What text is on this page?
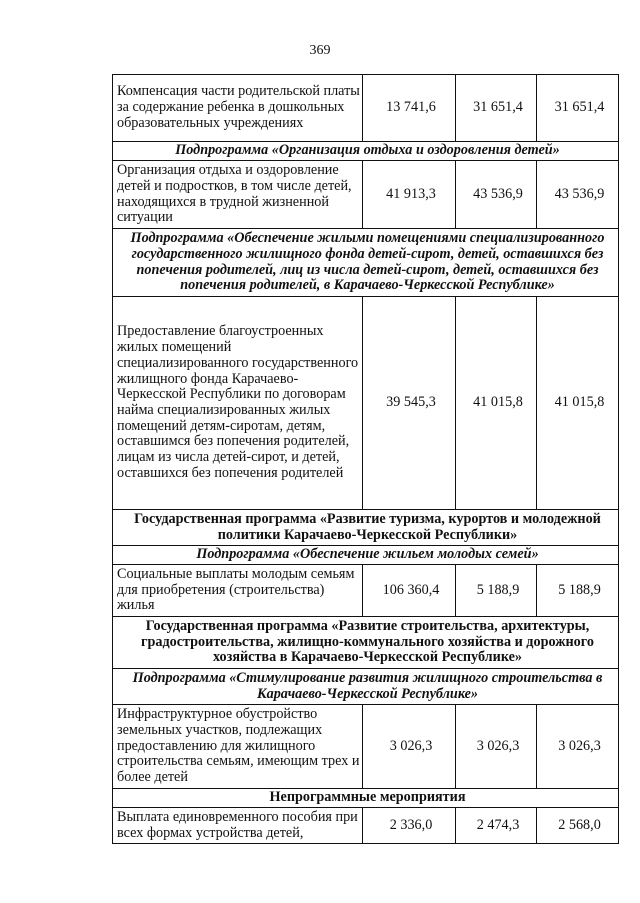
369
Компенсация части родительской платы за содержание ребенка в дошкольных образовательных учреждениях	13 741,6	31 651,4	31 651,4
Подпрограмма «Организация отдыха и оздоровления детей»			
Организация отдыха и оздоровление детей и подростков, в том числе детей, находящихся в трудной жизненной ситуации	41 913,3	43 536,9	43 536,9
Подпрограмма «Обеспечение жилыми помещениями специализированного государственного жилищного фонда детей-сирот, детей, оставшихся без попечения родителей, лиц из числа детей-сирот, детей, оставшихся без попечения родителей, в Карачаево-Черкесской Республике»			
Предоставление благоустроенных жилых помещений специализированного государственного жилищного фонда Карачаево-Черкесской Республики по договорам найма специализированных жилых помещений детям-сиротам, детям, оставшимся без попечения родителей, лицам из числа детей-сирот, и детей, оставшихся без попечения родителей	39 545,3	41 015,8	41 015,8
Государственная программа «Развитие туризма, курортов и молодежной политики Карачаево-Черкесской Республики»			
Подпрограмма «Обеспечение жильем молодых семей»			
Социальные выплаты молодым семьям для приобретения (строительства) жилья	106 360,4	5 188,9	5 188,9
Государственная программа «Развитие строительства, архитектуры, градостроительства, жилищно-коммунального хозяйства и дорожного хозяйства в Карачаево-Черкесской Республике»			
Подпрограмма «Стимулирование развития жилищного строительства в Карачаево-Черкесской Республике»			
Инфраструктурное обустройство земельных участков, подлежащих предоставлению для жилищного строительства семьям, имеющим трех и более детей	3 026,3	3 026,3	3 026,3
Непрограммные мероприятия			
Выплата единовременного пособия при всех формах устройства детей,	2 336,0	2 474,3	2 568,0
